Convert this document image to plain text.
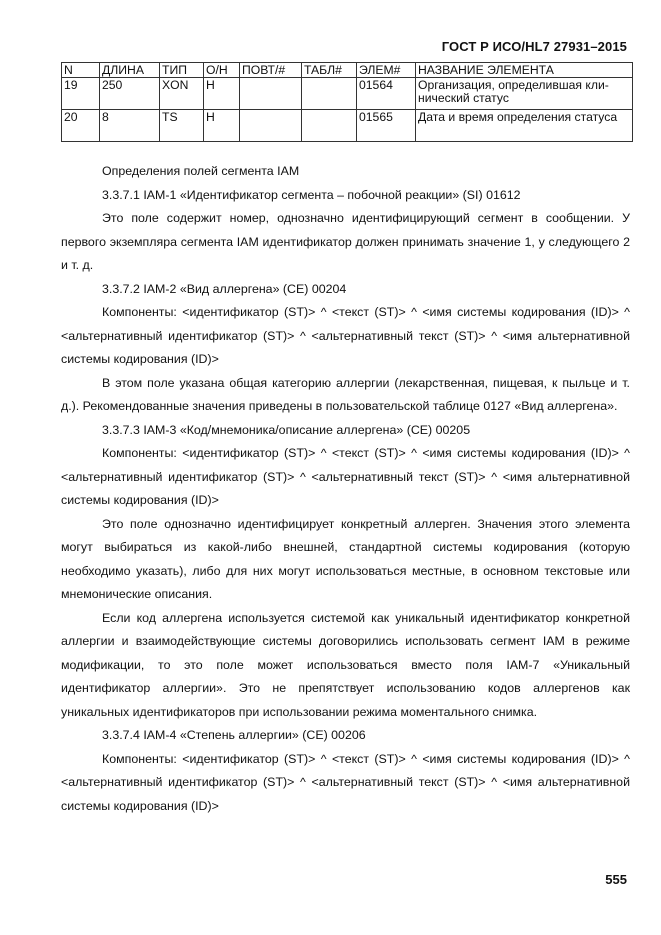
ГОСТ Р ИСО/HL7 27931–2015
N	ДЛИНА	ТИП	О/Н	ПОВТ/#	ТАБЛ#	ЭЛЕМ#	НАЗВАНИЕ ЭЛЕМЕНТА
19	250	XON	Н			01564	Организация, определившая клинический статус
20	8	TS	Н			01565	Дата и время определения статуса

Определения полей сегмента IAM

3.3.7.1 IAM-1 «Идентификатор сегмента – побочной реакции» (SI) 01612

Это поле содержит номер, однозначно идентифицирующий сегмент в сообщении. У первого экземпляра сегмента IAM идентификатор должен принимать значение 1, у следующего 2 и т. д.

3.3.7.2 IAM-2 «Вид аллергена» (CE) 00204

Компоненты: <идентификатор (ST)> ^ <текст (ST)> ^ <имя системы кодирования (ID)> ^ <альтернативный идентификатор (ST)> ^ <альтернативный текст (ST)> ^ <имя альтернативной системы кодирования (ID)>

В этом поле указана общая категорию аллергии (лекарственная, пищевая, к пыльце и т. д.). Рекомендованные значения приведены в пользовательской таблице 0127 «Вид аллергена».

3.3.7.3 IAM-3 «Код/мнемоника/описание аллергена» (CE) 00205

Компоненты: <идентификатор (ST)> ^ <текст (ST)> ^ <имя системы кодирования (ID)> ^ <альтернативный идентификатор (ST)> ^ <альтернативный текст (ST)> ^ <имя альтернативной системы кодирования (ID)>

Это поле однозначно идентифицирует конкретный аллерген. Значения этого элемента могут выбираться из какой-либо внешней, стандартной системы кодирования (которую необходимо указать), либо для них могут использоваться местные, в основном текстовые или мнемонические описания.

Если код аллергена используется системой как уникальный идентификатор конкретной аллергии и взаимодействующие системы договорились использовать сегмент IAM в режиме модификации, то это поле может использоваться вместо поля IAM-7 «Уникальный идентификатор аллергии». Это не препятствует использованию кодов аллергенов как уникальных идентификаторов при использовании режима моментального снимка.

3.3.7.4 IAM-4 «Степень аллергии» (CE) 00206

Компоненты: <идентификатор (ST)> ^ <текст (ST)> ^ <имя системы кодирования (ID)> ^ <альтернативный идентификатор (ST)> ^ <альтернативный текст (ST)> ^ <имя альтернативной системы кодирования (ID)>

555
